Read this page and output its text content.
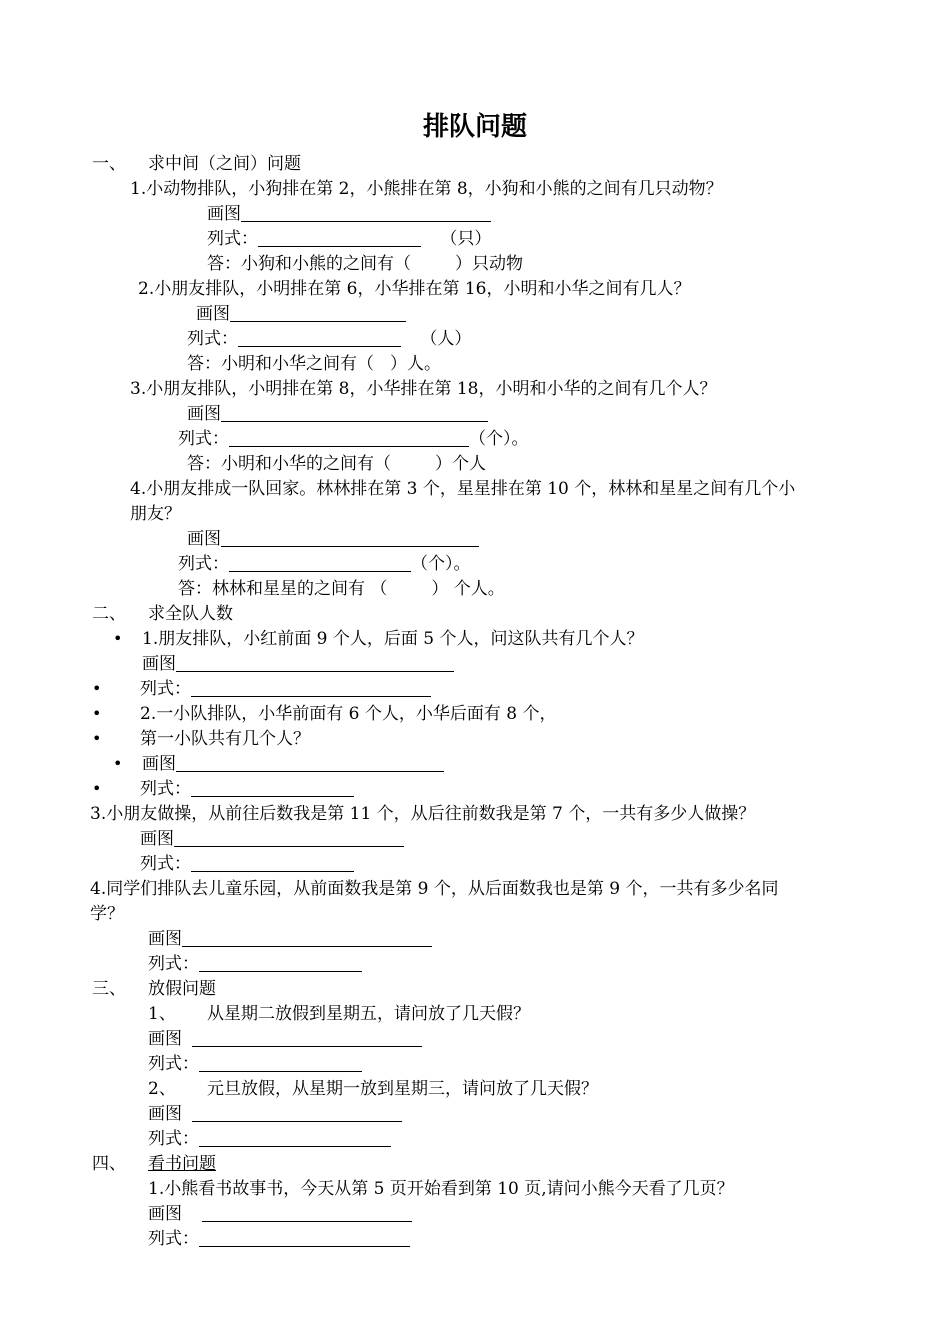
排队问题
一、 求中间（之间）问题
1.小动物排队，小狗排在第 2，小熊排在第 8，小狗和小熊的之间有几只动物？
画图
列式：	（只）
答：小狗和小熊的之间有（	）只动物
2.小朋友排队，小明排在第 6，小华排在第 16，小明和小华之间有几人？
画图
列式：	（人）
答：小明和小华之间有（ ）人。
3.小朋友排队，小明排在第 8，小华排在第 18，小明和小华的之间有几个人？
画图
列式：	（个）。
答：小明和小华的之间有（	）个人
4.小朋友排成一队回家。林林排在第 3 个，星星排在第 10 个，林林和星星之间有几个小
朋友？
画图
列式：	（个）。
答：林林和星星的之间有 （	） 个人。
二、 求全队人数
• 1.朋友排队，小红前面 9 个人，后面 5 个人，问这队共有几个人？
画图
• 列式：
• 2.一小队排队，小华前面有 6 个人，小华后面有 8 个，
• 第一小队共有几个人？
• 画图
• 列式：
3.小朋友做操，从前往后数我是第 11 个，从后往前数我是第 7 个，一共有多少人做操？
画图
列式：
4.同学们排队去儿童乐园，从前面数我是第 9 个，从后面数我也是第 9 个，一共有多少名同
学？
画图
列式：
三、 放假问题
1、 从星期二放假到星期五，请问放了几天假？
画图
列式：
2、 元旦放假，从星期一放到星期三，请问放了几天假？
画图
列式：
四、 看书问题
1.小熊看书故事书，今天从第 5 页开始看到第 10 页,请问小熊今天看了几页？
画图
列式：
